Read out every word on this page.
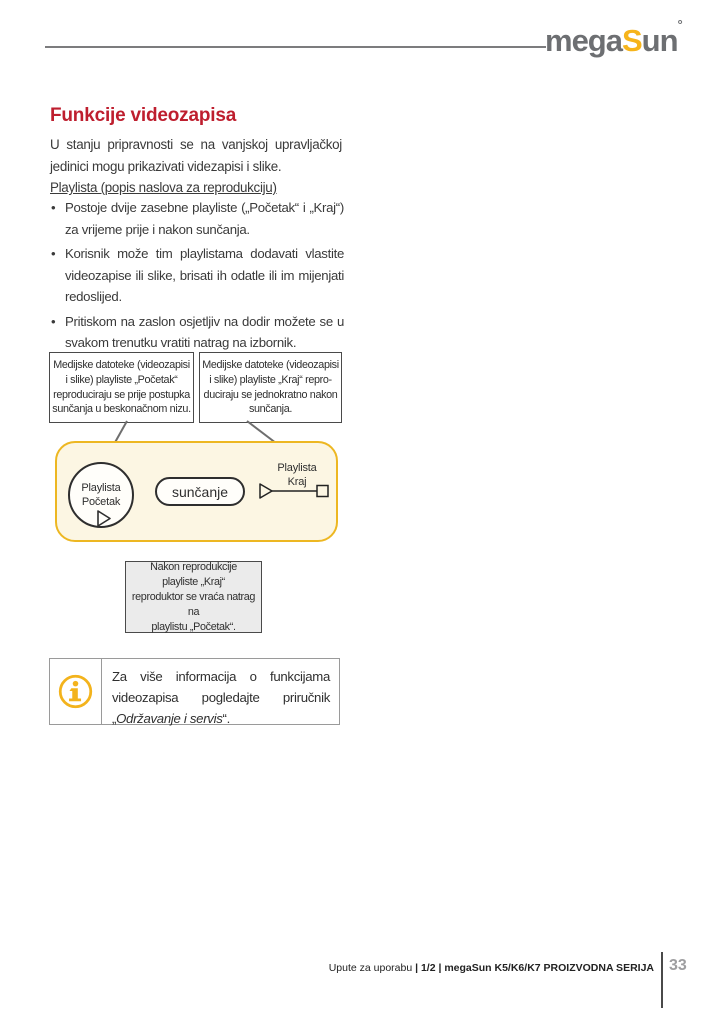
megaSun°
Funkcije videozapisa
U stanju pripravnosti se na vanjskoj upravljačkoj jedinici mogu prikazivati videzapisi i slike.
Playlista (popis naslova za reprodukciju)
• Postoje dvije zasebne playliste („Početak“ i „Kraj“) za vrijeme prije i nakon sunčanja.
• Korisnik može tim playlistama dodavati vlastite videozapise ili slike, brisati ih odatle ili im mijenjati redoslijed.
• Pritiskom na zaslon osjetljiv na dodir možete se u svakom trenutku vratiti natrag na izbornik.
Medijske datoteke (videozapisi
i slike) playliste „Početak“
reproduciraju se prije postupka
sunčanja u beskonačnom nizu.
Medijske datoteke (videozapisi
i slike) playliste „Kraj“ repro-
duciraju se jednokratno nakon
sunčanja.
Playlista
Početak
sunčanje
Playlista
Kraj
Nakon reprodukcije
playliste „Kraj“
reproduktor se vraća natrag na
playlistu „Početak“.
Za više informacija o funkcijama videozapisa pogledajte priručnik „Održavanje i servis“.
Upute za uporabu | 1/2 | megaSun K5/K6/K7 PROIZVODNA SERIJA 33
